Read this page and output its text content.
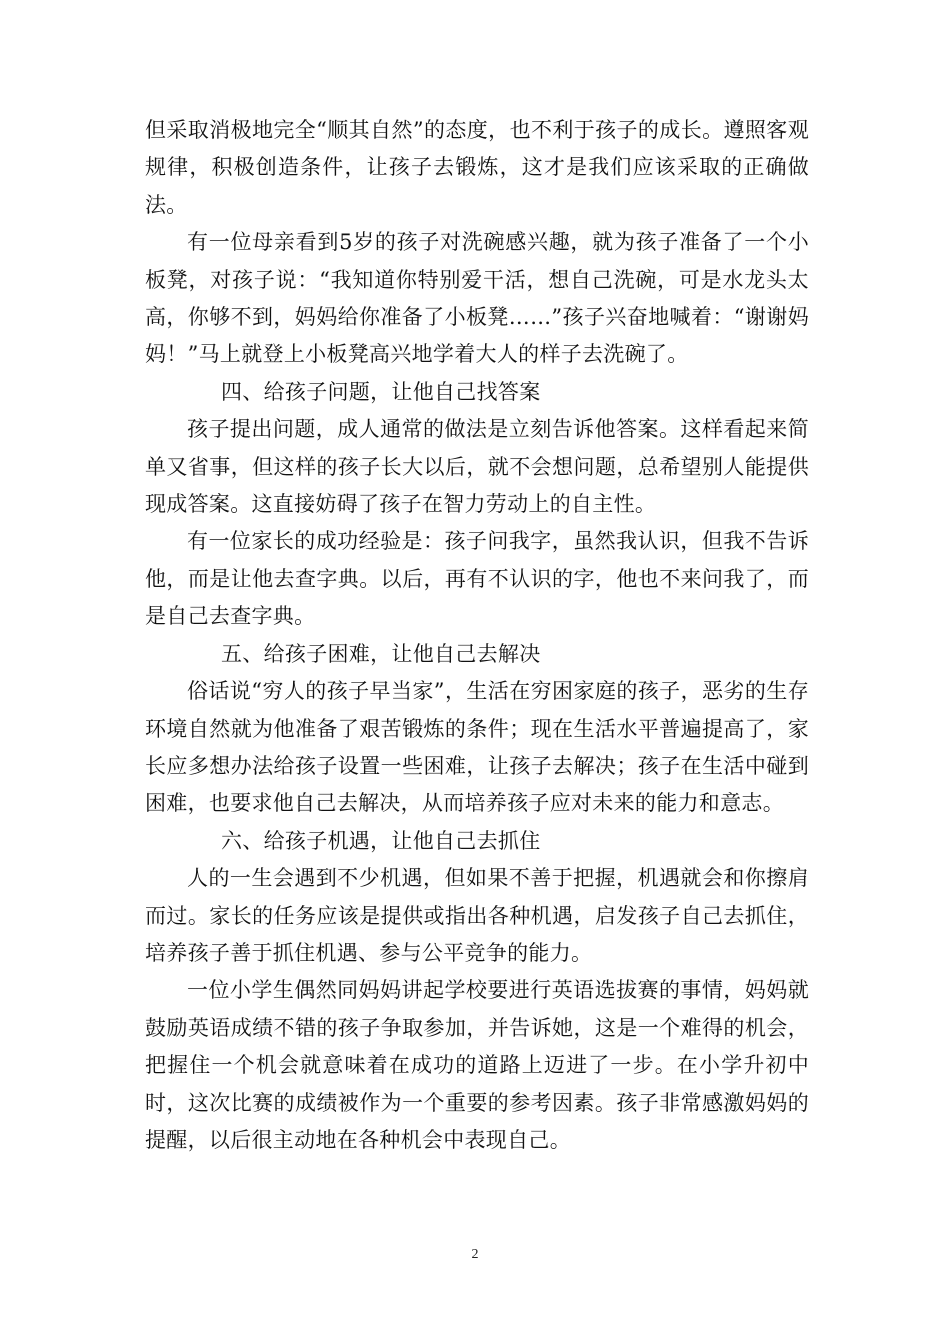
但采取消极地完全“顺其自然”的态度，也不利于孩子的成长。遵照客观规律，积极创造条件，让孩子去锻炼，这才是我们应该采取的正确做法。

有一位母亲看到5岁的孩子对洗碗感兴趣，就为孩子准备了一个小板凳，对孩子说：“我知道你特别爱干活，想自己洗碗，可是水龙头太高，你够不到，妈妈给你准备了小板凳……”孩子兴奋地喊着：“谢谢妈妈！”马上就登上小板凳高兴地学着大人的样子去洗碗了。

四、给孩子问题，让他自己找答案

孩子提出问题，成人通常的做法是立刻告诉他答案。这样看起来简单又省事，但这样的孩子长大以后，就不会想问题，总希望别人能提供现成答案。这直接妨碍了孩子在智力劳动上的自主性。

有一位家长的成功经验是：孩子问我字，虽然我认识，但我不告诉他，而是让他去查字典。以后，再有不认识的字，他也不来问我了，而是自己去查字典。

五、给孩子困难，让他自己去解决

俗话说“穷人的孩子早当家”，生活在穷困家庭的孩子，恶劣的生存环境自然就为他准备了艰苦锻炼的条件；现在生活水平普遍提高了，家长应多想办法给孩子设置一些困难，让孩子去解决；孩子在生活中碰到困难，也要求他自己去解决，从而培养孩子应对未来的能力和意志。

六、给孩子机遇，让他自己去抓住

人的一生会遇到不少机遇，但如果不善于把握，机遇就会和你擦肩而过。家长的任务应该是提供或指出各种机遇，启发孩子自己去抓住，培养孩子善于抓住机遇、参与公平竞争的能力。

一位小学生偶然同妈妈讲起学校要进行英语选拔赛的事情，妈妈就鼓励英语成绩不错的孩子争取参加，并告诉她，这是一个难得的机会，把握住一个机会就意味着在成功的道路上迈进了一步。在小学升初中时，这次比赛的成绩被作为一个重要的参考因素。孩子非常感激妈妈的提醒，以后很主动地在各种机会中表现自己。

2
